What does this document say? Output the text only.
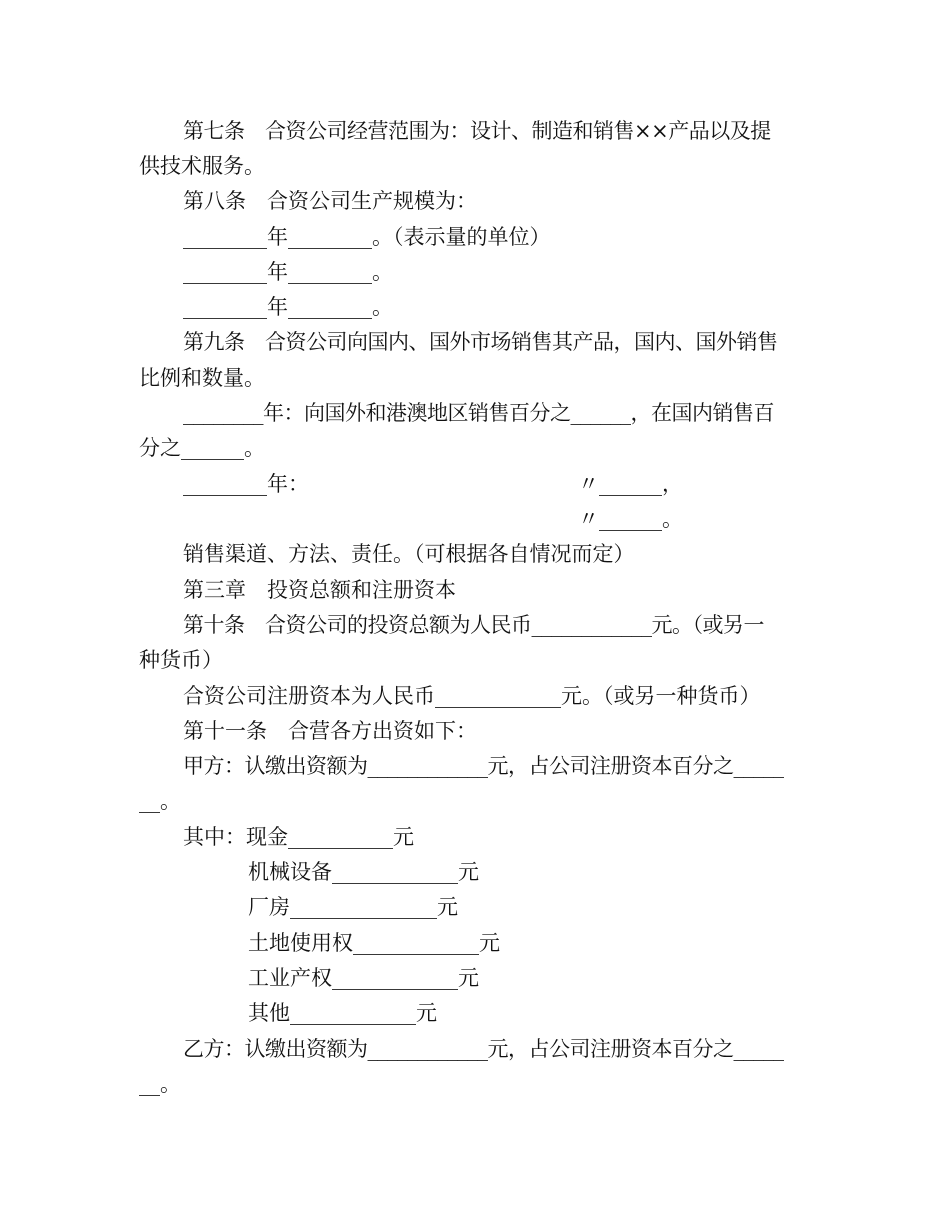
第七条　合资公司经营范围为：设计、制造和销售××产品以及提
供技术服务。
第八条　合资公司生产规模为：
________年________。（表示量的单位）
________年________。
________年________。
第九条　合资公司向国内、国外市场销售其产品，国内、国外销售
比例和数量。
________年：向国外和港澳地区销售百分之______，在国内销售百
分之______。
________年：	〃______，
〃______。
销售渠道、方法、责任。（可根据各自情况而定）
第三章　投资总额和注册资本
第十条　合资公司的投资总额为人民币____________元。（或另一
种货币）
合资公司注册资本为人民币____________元。（或另一种货币）
第十一条　合营各方出资如下：
甲方：认缴出资额为____________元，占公司注册资本百分之_____
__。
其中：现金__________元
机械设备____________元
厂房______________元
土地使用权____________元
工业产权____________元
其他____________元
乙方：认缴出资额为____________元，占公司注册资本百分之_____
__。
